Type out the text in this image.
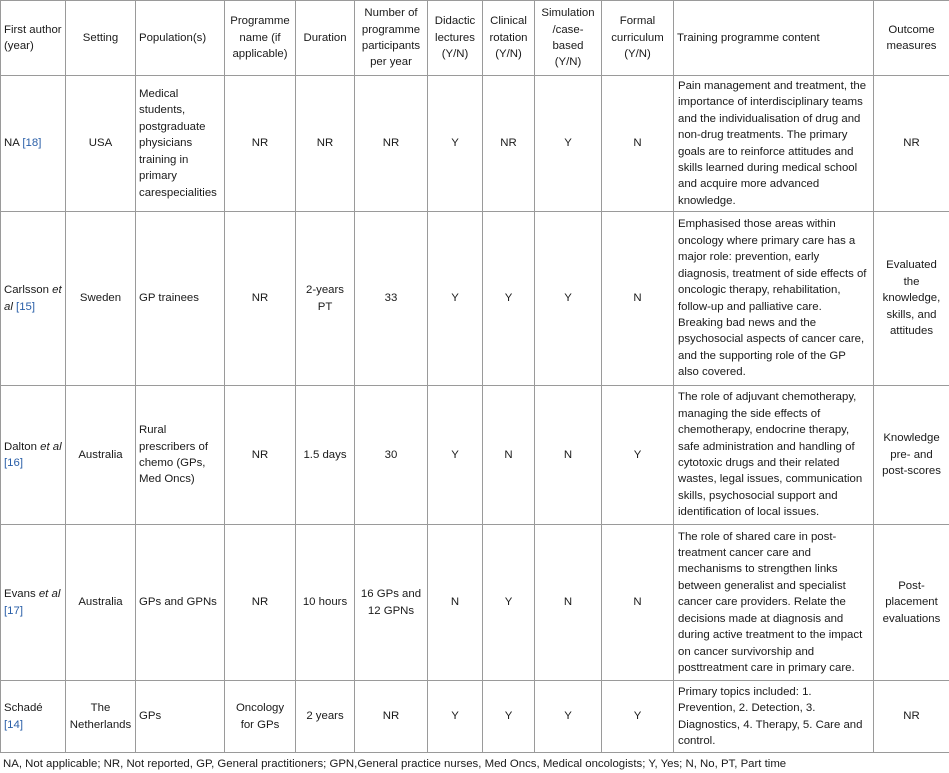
First author (year)	Setting	Population(s)	Programme name (if applicable)	Duration	Number of programme participants per year	Didactic lectures (Y/N)	Clinical rotation (Y/N)	Simulation /case-based (Y/N)	Formal curriculum (Y/N)	Training programme content	Outcome measures
NA [18]	USA	Medical students, postgraduate physicians training in primary carespecialities	NR	NR	NR	Y	NR	Y	N	Pain management and treatment, the importance of interdisciplinary teams and the individualisation of drug and non-drug treatments. The primary goals are to reinforce attitudes and skills learned during medical school and acquire more advanced knowledge.	NR
Carlsson et al [15]	Sweden	GP trainees	NR	2-years PT	33	Y	Y	Y	N	Emphasised those areas within oncology where primary care has a major role: prevention, early diagnosis, treatment of side effects of oncologic therapy, rehabilitation, follow-up and palliative care. Breaking bad news and the psychosocial aspects of cancer care, and the supporting role of the GP also covered.	Evaluated the knowledge, skills, and attitudes
Dalton et al [16]	Australia	Rural prescribers of chemo (GPs, Med Oncs)	NR	1.5 days	30	Y	N	N	Y	The role of adjuvant chemotherapy, managing the side effects of chemotherapy, endocrine therapy, safe administration and handling of cytotoxic drugs and their related wastes, legal issues, communication skills, psychosocial support and identification of local issues.	Knowledge pre- and post-scores
Evans et al [17]	Australia	GPs and GPNs	NR	10 hours	16 GPs and 12 GPNs	N	Y	N	N	The role of shared care in post-treatment cancer care and mechanisms to strengthen links between generalist and specialist cancer care providers. Relate the decisions made at diagnosis and during active treatment to the impact on cancer survivorship and posttreatment care in primary care.	Post-placement evaluations
Schadé [14]	The Netherlands	GPs	Oncology for GPs	2 years	NR	Y	Y	Y	Y	Primary topics included: 1. Prevention, 2. Detection, 3. Diagnostics, 4. Therapy, 5. Care and control.	NR
NA, Not applicable; NR, Not reported, GP, General practitioners; GPN,General practice nurses, Med Oncs, Medical oncologists; Y, Yes; N, No, PT, Part time
